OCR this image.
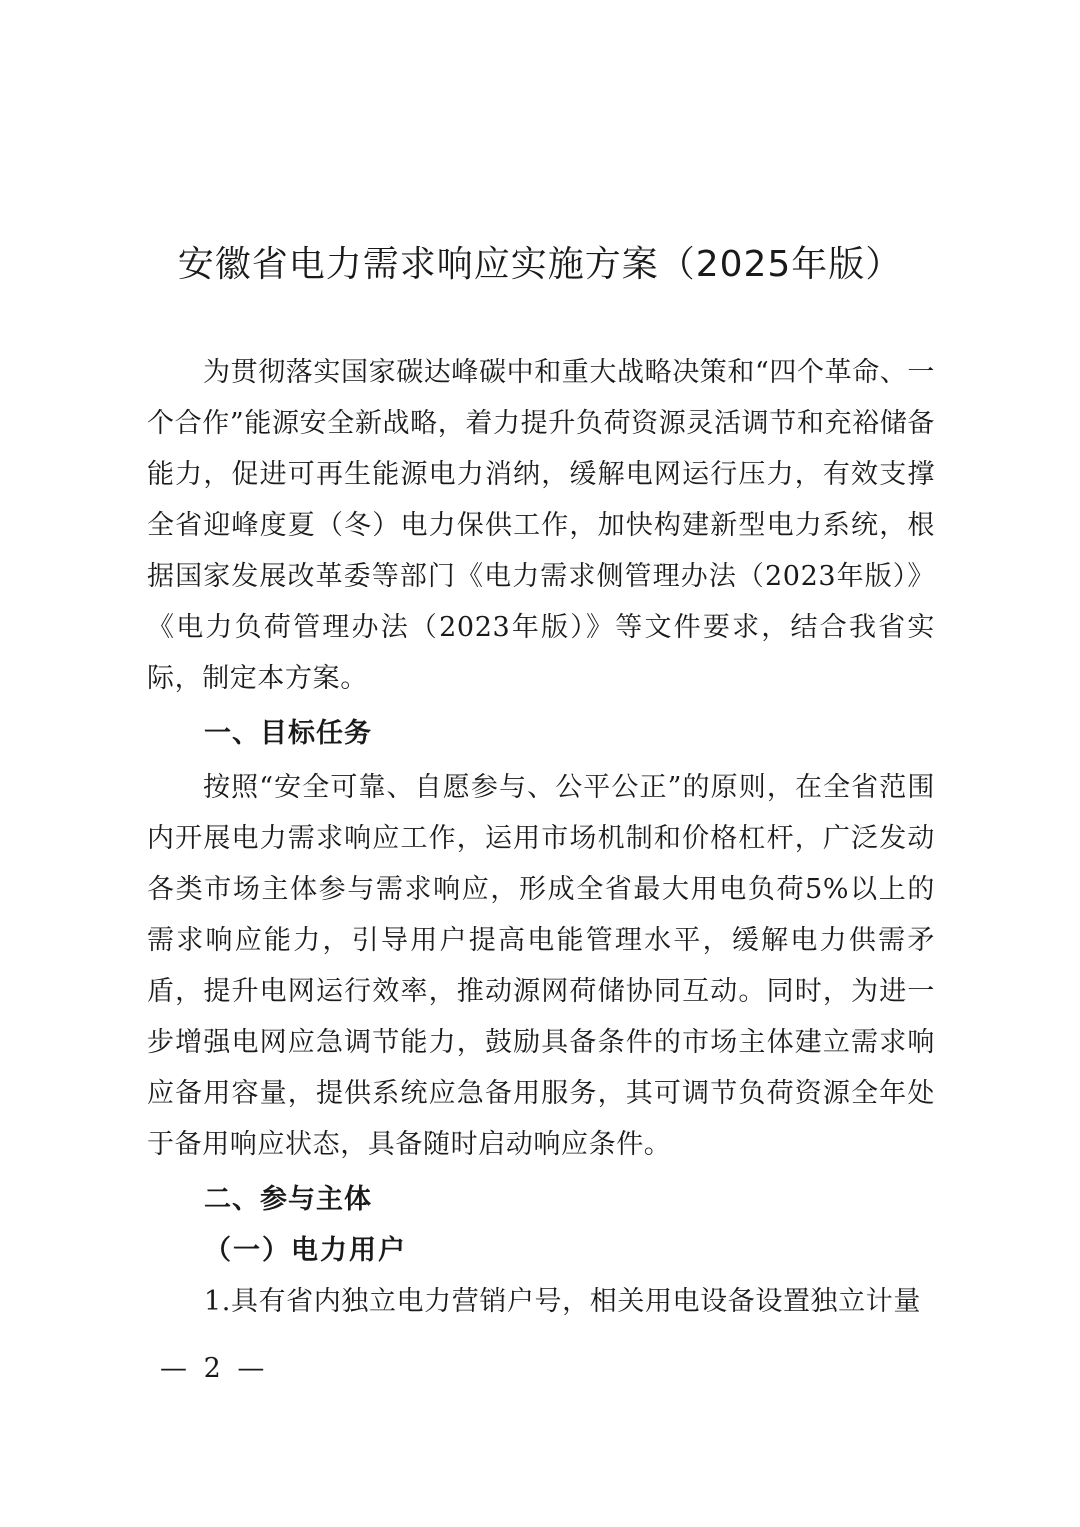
安徽省电力需求响应实施方案（2025年版）

为贯彻落实国家碳达峰碳中和重大战略决策和“四个革命、一个合作”能源安全新战略，着力提升负荷资源灵活调节和充裕储备能力，促进可再生能源电力消纳，缓解电网运行压力，有效支撑全省迎峰度夏（冬）电力保供工作，加快构建新型电力系统，根据国家发展改革委等部门《电力需求侧管理办法（2023年版）》《电力负荷管理办法（2023年版）》等文件要求，结合我省实际，制定本方案。

一、目标任务

按照“安全可靠、自愿参与、公平公正”的原则，在全省范围内开展电力需求响应工作，运用市场机制和价格杠杆，广泛发动各类市场主体参与需求响应，形成全省最大用电负荷5%以上的需求响应能力，引导用户提高电能管理水平，缓解电力供需矛盾，提升电网运行效率，推动源网荷储协同互动。同时，为进一步增强电网应急调节能力，鼓励具备条件的市场主体建立需求响应备用容量，提供系统应急备用服务，其可调节负荷资源全年处于备用响应状态，具备随时启动响应条件。

二、参与主体
（一）电力用户

1.具有省内独立电力营销户号，相关用电设备设置独立计量

— 2 —
